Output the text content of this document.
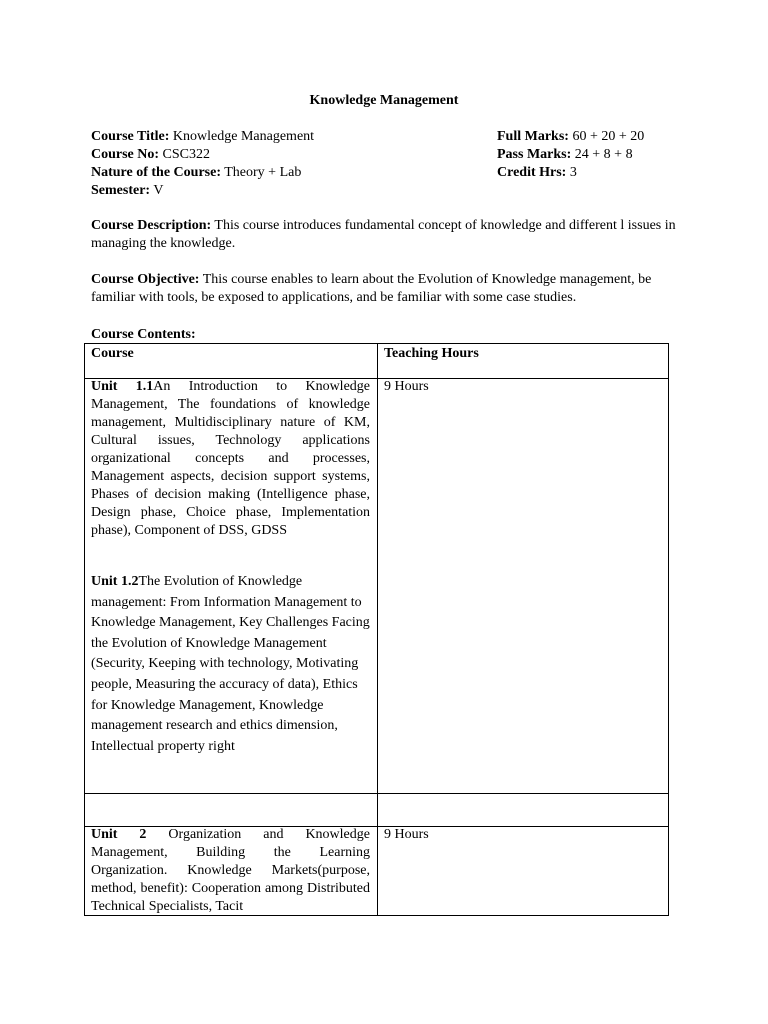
Knowledge Management
Course Title: Knowledge Management
Course No: CSC322
Nature of the Course: Theory + Lab
Semester: V
Full Marks: 60 + 20 + 20
Pass Marks: 24 + 8 + 8
Credit Hrs: 3
Course Description: This course introduces fundamental concept of knowledge and different l issues in managing the knowledge.
Course Objective: This course enables to learn about the Evolution of Knowledge management, be familiar with tools, be exposed to applications, and be familiar with some case studies.
Course Contents:
Course	Teaching Hours
Unit 1.1An Introduction to Knowledge Management, The foundations of knowledge management, Multidisciplinary nature of KM, Cultural issues, Technology applications organizational concepts and processes, Management aspects, decision support systems, Phases of decision making (Intelligence phase, Design phase, Choice phase, Implementation phase), Component of DSS, GDSS
9 Hours
Unit 1.2The Evolution of Knowledge management: From Information Management to Knowledge Management, Key Challenges Facing the Evolution of Knowledge Management (Security, Keeping with technology, Motivating people, Measuring the accuracy of data), Ethics for Knowledge Management, Knowledge management research and ethics dimension, Intellectual property right
Unit 2 Organization and Knowledge Management, Building the Learning Organization. Knowledge Markets(purpose, method, benefit): Cooperation among Distributed Technical Specialists, Tacit
9 Hours
